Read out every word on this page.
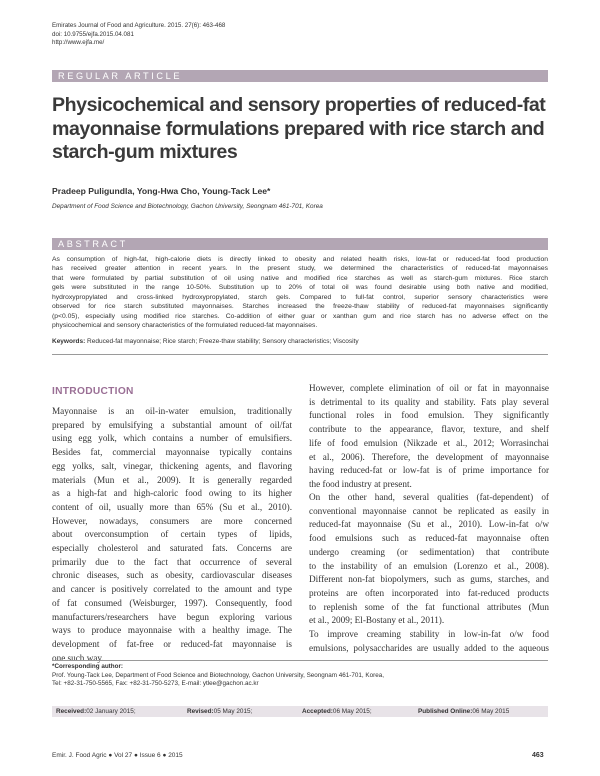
Emirates Journal of Food and Agriculture. 2015. 27(6): 463-468
doi: 10.9755/ejfa.2015.04.081
http://www.ejfa.me/
REGULAR ARTICLE
Physicochemical and sensory properties of reduced-fat
mayonnaise formulations prepared with rice starch and
starch-gum mixtures
Pradeep Puligundla, Yong-Hwa Cho, Young-Tack Lee*
Department of Food Science and Biotechnology, Gachon University, Seongnam 461-701, Korea
ABSTRACT
As consumption of high-fat, high-calorie diets is directly linked to obesity and related health risks, low-fat or reduced-fat food production
has received greater attention in recent years. In the present study, we determined the characteristics of reduced-fat mayonnaises
that were formulated by partial substitution of oil using native and modified rice starches as well as starch-gum mixtures. Rice starch
gels were substituted in the range 10-50%. Substitution up to 20% of total oil was found desirable using both native and modified,
hydroxypropylated and cross-linked hydroxypropylated, starch gels. Compared to full-fat control, superior sensory characteristics were
observed for rice starch substituted mayonnaises. Starches increased the freeze-thaw stability of reduced-fat mayonnaises significantly
(p<0.05), especially using modified rice starches. Co-addition of either guar or xanthan gum and rice starch has no adverse effect on the
physicochemical and sensory characteristics of the formulated reduced-fat mayonnaises.
Keywords: Reduced-fat mayonnaise; Rice starch; Freeze-thaw stability; Sensory characteristics; Viscosity
INTRODUCTION
Mayonnaise is an oil-in-water emulsion, traditionally
prepared by emulsifying a substantial amount of oil/fat
using egg yolk, which contains a number of emulsifiers.
Besides fat, commercial mayonnaise typically contains
egg yolks, salt, vinegar, thickening agents, and flavoring
materials (Mun et al., 2009). It is generally regarded
as a high-fat and high-caloric food owing to its higher
content of oil, usually more than 65% (Su et al., 2010).
However, nowadays, consumers are more concerned
about overconsumption of certain types of lipids,
especially cholesterol and saturated fats. Concerns are
primarily due to the fact that occurrence of several
chronic diseases, such as obesity, cardiovascular diseases
and cancer is positively correlated to the amount and type
of fat consumed (Weisburger, 1997). Consequently, food
manufacturers/researchers have begun exploring various
ways to produce mayonnaise with a healthy image. The
development of fat-free or reduced-fat mayonnaise is
one such way.
However, complete elimination of oil or fat in mayonnaise
is detrimental to its quality and stability. Fats play several
functional roles in food emulsion. They significantly
contribute to the appearance, flavor, texture, and shelf
life of food emulsion (Nikzade et al., 2012; Worrasinchai
et al., 2006). Therefore, the development of mayonnaise
having reduced-fat or low-fat is of prime importance for
the food industry at present.
On the other hand, several qualities (fat-dependent) of
conventional mayonnaise cannot be replicated as easily in
reduced-fat mayonnaise (Su et al., 2010). Low-in-fat o/w
food emulsions such as reduced-fat mayonnaise often
undergo creaming (or sedimentation) that contribute
to the instability of an emulsion (Lorenzo et al., 2008).
Different non-fat biopolymers, such as gums, starches, and
proteins are often incorporated into fat-reduced products
to replenish some of the fat functional attributes (Mun
et al., 2009; El-Bostany et al., 2011).
To improve creaming stability in low-in-fat o/w food
emulsions, polysaccharides are usually added to the aqueous
*Corresponding author:
Prof. Young-Tack Lee, Department of Food Science and Biotechnology, Gachon University, Seongnam 461-701, Korea,
Tel: +82-31-750-5565, Fax: +82-31-750-5273, E-mail: ytlee@gachon.ac.kr
Received: 02 January 2015;	Revised: 05 May 2015;	Accepted: 06 May 2015;	Published Online: 06 May 2015
Emir. J. Food Agric ● Vol 27 ● Issue 6 ● 2015	463
